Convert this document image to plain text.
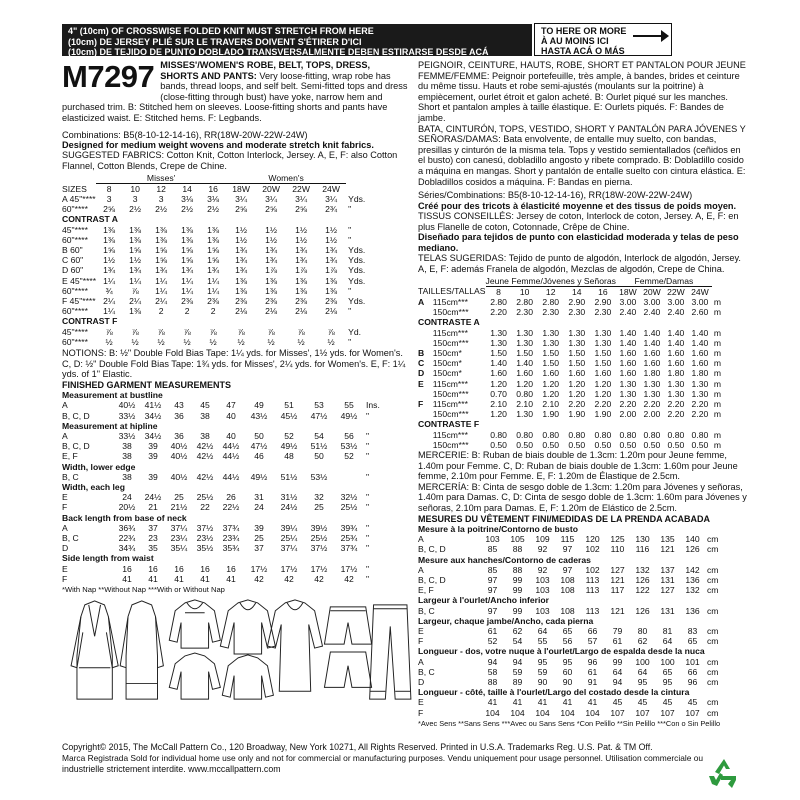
4" (10cm) OF CROSSWISE FOLDED KNIT MUST STRETCH FROM HERE
(10cm) DE JERSEY PLIÉ SUR LE TRAVERS DOIVENT S'ÉTIRER D'ICI
(10cm) DE TEJIDO DE PUNTO DOBLADO TRANSVERSALMENTE DEBEN ESTIRARSE DESDE ACÁ
TO HERE OR MORE
À AU MOINS ICI
HASTA ACÁ O MÁS
M7297 MISSES'/WOMEN'S ROBE, BELT, TOPS, DRESS, SHORTS AND PANTS: Very loose-fitting, wrap robe has bands, thread loops, and self belt. Semi-fitted tops and dress (close-fitting through bust) have yoke, narrow hem and purchased trim. B: Stitched hem on sleeves. Loose-fitting shorts and pants have elasticized waist. E: Stitched hems. F: Legbands.
Combinations: B5(8-10-12-14-16), RR(18W-20W-22W-24W)
Designed for medium weight wovens and moderate stretch knit fabrics.
SUGGESTED FABRICS: Cotton Knit, Cotton Interlock, Jersey. A, E, F: also Cotton Flannel, Cotton Blends, Crepe de Chine.
	Misses'					Women's				
SIZES	8	10	12	14	16	18W	20W	22W	24W	
A 45"****	3	3	3	3⅛	3⅛	3¼	3¼	3¼	3¼	Yds.
60"****	2⅝	2½	2½	2½	2½	2⅝	2⅝	2⅝	2¾	"
CONTRAST A										
45"****	1⅜	1⅜	1⅜	1⅜	1⅜	1½	1½	1½	1½	"
60"****	1⅜	1⅜	1⅜	1⅜	1⅜	1½	1½	1½	1½	"
B 60"	1⅝	1⅝	1⅝	1⅝	1⅝	1¾	1¾	1¾	1¾	Yds.
C 60"	1½	1½	1⅝	1⅝	1⅝	1¾	1¾	1¾	1¾	Yds.
D 60"	1¾	1¾	1¾	1¾	1¾	1¾	1⅞	1⅞	1⅞	Yds.
E 45"****	1¼	1¼	1¼	1¼	1¼	1⅜	1⅜	1⅜	1⅜	Yds.
60"****	¾	⅞	1¼	1¼	1¼	1⅜	1⅜	1⅜	1⅜	"
F 45"****	2¼	2¼	2¼	2⅜	2⅜	2⅜	2⅜	2⅜	2⅜	Yds.
60"****	1¼	1⅜	2	2	2	2⅛	2⅛	2⅛	2⅛	"
CONTRAST F										
45"****	⅞	⅞	⅞	⅞	⅞	⅞	⅞	⅞	⅞	Yd.
60"****	½	½	½	½	½	½	½	½	½	"
NOTIONS: B: ½" Double Fold Bias Tape: 1¼ yds. for Misses', 1½ yds. for Women's. C, D: ½" Double Fold Bias Tape: 1¾ yds. for Misses', 2¼ yds. for Women's. E, F: 1¼ yds. of 1" Elastic.
FINISHED GARMENT MEASUREMENTS
Measurement at bustline										
A	40½	41½	43	45	47	49	51	53	55	Ins.
B, C, D	33½	34½	36	38	40	43½	45½	47½	49½	"
Measurement at hipline										
A	33½	34½	36	38	40	50	52	54	56	"
B, C, D	38	39	40½	42½	44½	47½	49½	51½	53½	"
E, F	38	39	40½	42½	44½	46	48	50	52	"
Width, lower edge										
B, C	38	39	40½	42½	44½	49½	51½	53½		"
Width, each leg										
E	24	24½	25	25½	26	31	31½	32	32½	"
F	20½	21	21½	22	22½	24	24½	25	25½	"
Back length from base of neck										
A	36¾	37	37¼	37½	37¾	39	39¼	39½	39¾	"
B, C	22¾	23	23¼	23½	23¾	25	25¼	25½	25¾	"
D	34¾	35	35¼	35½	35¾	37	37¼	37½	37¾	"
Side length from waist										
E	16	16	16	16	16	17½	17½	17½	17½	"
F	41	41	41	41	41	42	42	42	42	"
*With Nap **Without Nap ***With or Without Nap
PEIGNOIR, CEINTURE, HAUTS, ROBE, SHORT ET PANTALON POUR JEUNE FEMME/FEMME: Peignoir portefeuille, très ample, à bandes, brides et ceinture du même tissu. Hauts et robe semi-ajustés (moulants sur la poitrine) à empiècement, ourlet étroit et galon acheté. B: Ourlet piqué sur les manches. Short et pantalon amples à taille élastique. E: Ourlets piqués. F: Bandes de jambe.
BATA, CINTURÓN, TOPS, VESTIDO, SHORT Y PANTALÓN PARA JÓVENES Y SEÑORAS/DAMAS: Bata envolvente, de entalle muy suelto, con bandas, presillas y cinturón de la misma tela. Tops y vestido semientallados (ceñidos en el busto) con canesú, dobladillo angosto y ribete comprado. B: Dobladillo cosido a máquina en mangas. Short y pantalón de entalle suelto con cintura elástica. E: Dobladillos cosidos a máquina. F: Bandas en pierna.
Séries/Combinations: B5(8-10-12-14-16), RR(18W-20W-22W-24W)
Créé pour des tricots à élasticité moyenne et des tissus de poids moyen.
TISSUS CONSEILLÉS: Jersey de coton, Interlock de coton, Jersey. A, E, F: en plus Flanelle de coton, Cotonnade, Crêpe de Chine.
Diseñado para tejidos de punto con elasticidad moderada y telas de peso mediano.
TELAS SUGERIDAS: Tejido de punto de algodón, Interlock de algodón, Jersey. A, E, F: además Franela de algodón, Mezclas de algodón, Crepe de China.
		Jeune Femme/Jóvenes y Señoras					Femme/Damas				
TAILLES/TALLAS		8	10	12	14	16	18W	20W	22W	24W	
A	115cm***	2.80	2.80	2.80	2.90	2.90	3.00	3.00	3.00	3.00	m
	150cm***	2.20	2.30	2.30	2.30	2.30	2.40	2.40	2.40	2.60	m
CONTRASTE A											
	115cm***	1.30	1.30	1.30	1.30	1.30	1.40	1.40	1.40	1.40	m
	150cm***	1.30	1.30	1.30	1.30	1.30	1.40	1.40	1.40	1.40	m
B	150cm*	1.50	1.50	1.50	1.50	1.50	1.60	1.60	1.60	1.60	m
C	150cm*	1.40	1.40	1.50	1.50	1.50	1.60	1.60	1.60	1.60	m
D	150cm*	1.60	1.60	1.60	1.60	1.60	1.60	1.80	1.80	1.80	m
E	115cm***	1.20	1.20	1.20	1.20	1.20	1.30	1.30	1.30	1.30	m
	150cm***	0.70	0.80	1.20	1.20	1.20	1.30	1.30	1.30	1.30	m
F	115cm***	2.10	2.10	2.10	2.20	2.20	2.20	2.20	2.20	2.20	m
	150cm***	1.20	1.30	1.90	1.90	1.90	2.00	2.00	2.20	2.20	m
CONTRASTE F											
	115cm***	0.80	0.80	0.80	0.80	0.80	0.80	0.80	0.80	0.80	m
	150cm***	0.50	0.50	0.50	0.50	0.50	0.50	0.50	0.50	0.50	m
MERCERIE: B: Ruban de biais double de 1.3cm: 1.20m pour Jeune femme, 1.40m pour Femme. C, D: Ruban de biais double de 1.3cm: 1.60m pour Jeune femme, 2.10m pour Femme. E, F: 1.20m de Élastique de 2.5cm.
MERCERÍA: B: Cinta de sesgo doble de 1.3cm: 1.20m para Jóvenes y señoras, 1.40m para Damas. C, D: Cinta de sesgo doble de 1.3cm: 1.60m para Jóvenes y señoras, 2.10m para Damas. E, F: 1.20m de Elástico de 2.5cm.
MESURES DU VÊTEMENT FINI/MEDIDAS DE LA PRENDA ACABADA
Mesure à la poitrine/Contorno de busto										
A	103	105	109	115	120	125	130	135	140	cm
B, C, D	85	88	92	97	102	110	116	121	126	cm
Mesure aux hanches/Contorno de caderas										
A	85	88	92	97	102	127	132	137	142	cm
B, C, D	97	99	103	108	113	121	126	131	136	cm
E, F	97	99	103	108	113	117	122	127	132	cm
Largeur à l'ourlet/Ancho inferior										
B, C	97	99	103	108	113	121	126	131	136	cm
Largeur, chaque jambe/Ancho, cada pierna										
E	61	62	64	65	66	79	80	81	83	cm
F	52	54	55	56	57	61	62	64	65	cm
Longueur - dos, votre nuque à l'ourlet/Largo de espalda desde la nuca										
A	94	94	95	95	96	99	100	100	101	cm
B, C	58	59	59	60	61	64	64	65	66	cm
D	88	89	90	90	91	94	95	95	96	cm
Longueur - côté, taille à l'ourlet/Largo del costado desde la cintura										
E	41	41	41	41	41	45	45	45	45	cm
F	104	104	104	104	104	107	107	107	107	cm
*Avec Sens **Sans Sens ***Avec ou Sans Sens *Con Pelillo **Sin Pelillo ***Con o Sin Pelillo
Copyright© 2015, The McCall Pattern Co., 120 Broadway, New York 10271, All Rights Reserved. Printed in U.S.A. Trademarks Reg. U.S. Pat. & TM Off.
Marca Registrada Sold for individual home use only and not for commercial or manufacturing purposes. Vendu uniquement pour usage personnel. Utilisation commerciale ou
industrielle strictement interdite. www.mccallpattern.com
